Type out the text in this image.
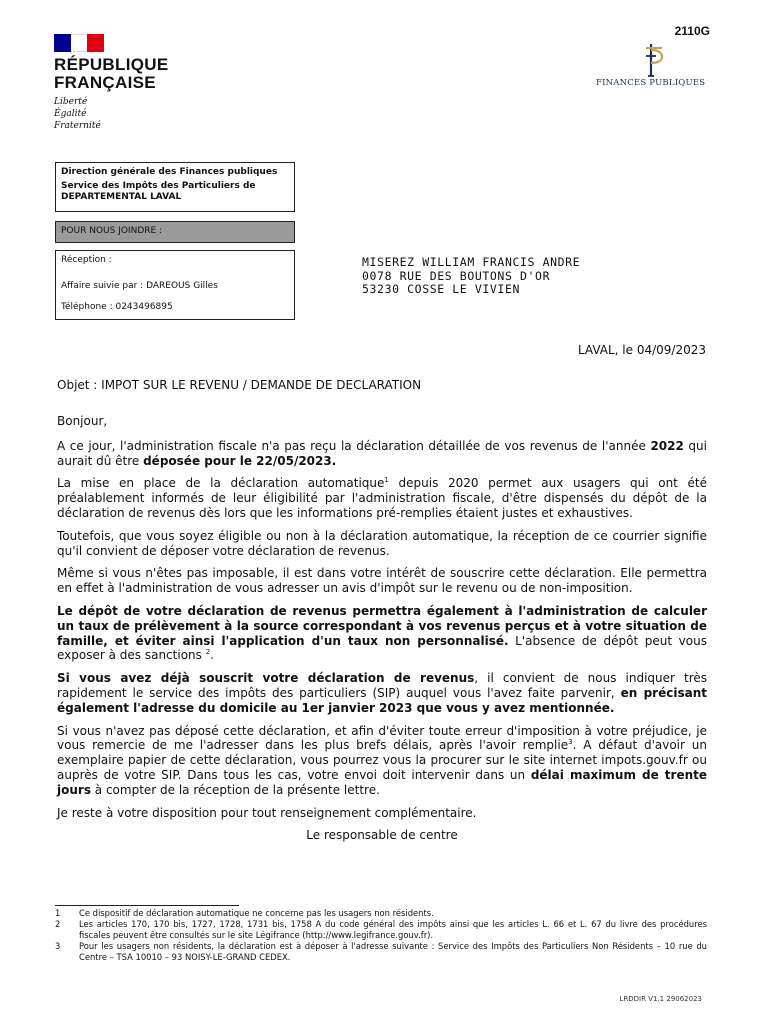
RÉPUBLIQUE
FRANÇAISE
Liberté
Égalité
Fraternité
2110G
FINANCES PUBLIQUES
Direction générale des Finances publiques
Service des Impôts des Particuliers de
DEPARTEMENTAL LAVAL
POUR NOUS JOINDRE :
Réception :
Affaire suivie par : DAREOUS Gilles
Téléphone : 0243496895
MISEREZ WILLIAM FRANCIS ANDRE
0078 RUE DES BOUTONS D'OR
53230 COSSE LE VIVIEN
LAVAL, le 04/09/2023
Objet : IMPOT SUR LE REVENU / DEMANDE DE DECLARATION

Bonjour,

A ce jour, l'administration fiscale n'a pas reçu la déclaration détaillée de vos revenus de l'année 2022 qui aurait dû être déposée pour le 22/05/2023.

La mise en place de la déclaration automatique$^1$ depuis 2020 permet aux usagers qui ont été préalablement informés de leur éligibilité par l'administration fiscale, d'être dispensés du dépôt de la déclaration de revenus dès lors que les informations pré-remplies étaient justes et exhaustives.

Toutefois, que vous soyez éligible ou non à la déclaration automatique, la réception de ce courrier signifie qu'il convient de déposer votre déclaration de revenus.

Même si vous n'êtes pas imposable, il est dans votre intérêt de souscrire cette déclaration. Elle permettra en effet à l'administration de vous adresser un avis d'impôt sur le revenu ou de non-imposition.

Le dépôt de votre déclaration de revenus permettra également à l'administration de calculer un taux de prélèvement à la source correspondant à vos revenus perçus et à votre situation de famille, et éviter ainsi l'application d'un taux non personnalisé. L'absence de dépôt peut vous exposer à des sanctions $^2$.

Si vous avez déjà souscrit votre déclaration de revenus, il convient de nous indiquer très rapidement le service des impôts des particuliers (SIP) auquel vous l'avez faite parvenir, en précisant également l'adresse du domicile au 1er janvier 2023 que vous y avez mentionnée.

Si vous n'avez pas déposé cette déclaration, et afin d'éviter toute erreur d'imposition à votre préjudice, je vous remercie de me l'adresser dans les plus brefs délais, après l'avoir remplie$^3$. A défaut d'avoir un exemplaire papier de cette déclaration, vous pourrez vous la procurer sur le site internet impots.gouv.fr ou auprès de votre SIP. Dans tous les cas, votre envoi doit intervenir dans un délai maximum de trente jours à compter de la réception de la présente lettre.

Je reste à votre disposition pour tout renseignement complémentaire.

Le responsable de centre

1	Ce dispositif de déclaration automatique ne concerne pas les usagers non résidents.
2	Les articles 170, 170 bis, 1727, 1728, 1731 bis, 1758 A du code général des impôts ainsi que les articles L. 66 et L. 67 du livre des procédures fiscales peuvent être consultés sur le site Légifrance (http://www.legifrance.gouv.fr).
3	Pour les usagers non résidents, la déclaration est à déposer à l'adresse suivante : Service des Impôts des Particuliers Non Résidents – 10 rue du Centre – TSA 10010 – 93 NOISY-LE-GRAND CEDEX.
LRDDIR V1.1 29062023
